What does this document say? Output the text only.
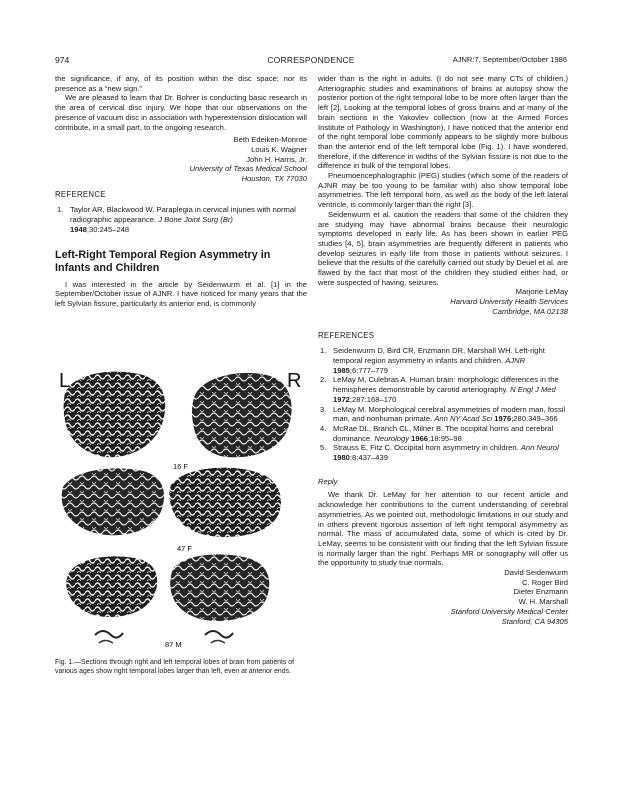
974	CORRESPONDENCE	AJNR:7, September/October 1986

the significance, if any, of its position within the disc space; nor its presence as a “new sign.”

We are pleased to learn that Dr. Bohrer is conducting basic research in the area of cervical disc injury. We hope that our observations on the presence of vacuum disc in association with hyperextension dislocation will contribute, in a small part, to the ongoing research.

Beth Edeiken-Monroe
Louis K. Wagner
John H. Harris, Jr.
University of Texas Medical School
Houston, TX 77030
REFERENCE
1. Taylor AR, Blackwood W. Paraplegia in cervical injuries with normal radiographic appearance. J Bone Joint Surg (Br)
1948;30:245–248
Left-Right Temporal Region Asymmetry in Infants and Children

I was interested in the article by Seidenwurm et al. [1] in the September/October issue of AJNR. I have noticed for many years that the left Sylvian fissure, particularly its anterior end, is commonly

L	R
16 F
47 F
87 M
Fig. 1.—Sections through right and left temporal lobes of brain from patients of various ages show right temporal lobes larger than left, even at anterior ends.

wider than is the right in adults. (I do not see many CTs of children.) Arteriographic studies and examinations of brains at autopsy show the posterior portion of the right temporal lobe to be more often larger than the left [2]. Looking at the temporal lobes of gross brains and at many of the brain sections in the Yakovlev collection (now at the Armed Forces Institute of Pathology in Washington), I have noticed that the anterior end of the right temporal lobe commonly appears to be slightly more bulbous than the anterior end of the left temporal lobe (Fig. 1). I have wondered, therefore, if the difference in widths of the Sylvian fissure is not due to the difference in bulk of the temporal lobes.

Pneumoencephalographic (PEG) studies (which some of the readers of AJNR may be too young to be familiar with) also show temporal lobe asymmetries. The left temporal horn, as well as the body of the left lateral ventricle, is commonly larger than the right [3].

Seidenwurm et al. caution the readers that some of the children they are studying may have abnormal brains because their neurologic symptoms developed in early life. As has been shown in earlier PEG studies [4, 5], brain asymmetries are frequently different in patients who develop seizures in early life from those in patients without seizures. I believe that the results of the carefully carried out study by Deuel et al. are flawed by the fact that most of the children they studied either had, or were suspected of having, seizures.

Marjorie LeMay
Harvard University Health Services
Cambridge, MA 02138
REFERENCES
1. Seidenwurm D, Bird CR, Enzmann DR, Marshall WH. Left-right temporal region asymmetry in infants and children. AJNR 1985;6:777–779
2. LeMay M, Culebras A. Human brain: morphologic differences in the hemispheres demonstrable by carotid arteriography. N Engl J Med 1972;287:168–170
3. LeMay M. Morphological cerebral asymmetries of modern man, fossil man, and nonhuman primate. Ann NY Acad Sci 1976;280:349–366
4. McRae DL, Branch CL, Milner B. The occipital horns and cerebral dominance. Neurology 1966;18:95–98
5. Strauss E, Fitz C. Occipital horn asymmetry in children. Ann Neurol 1980;8:437–439
Reply

We thank Dr. LeMay for her attention to our recent article and acknowledge her contributions to the current understanding of cerebral asymmetries. As we pointed out, methodologic limitations in our study and in others prevent rigorous assertion of left right temporal asymmetry as normal. The mass of accumulated data, some of which is cited by Dr. LeMay, seems to be consistent with our finding that the left Sylvian fissure is normally larger than the right. Perhaps MR or sonography will offer us the opportunity to study true normals.

David Seidenwurm
C. Roger Bird
Dieter Enzmann
W. H. Marshall
Stanford University Medical Center
Stanford, CA 94305
